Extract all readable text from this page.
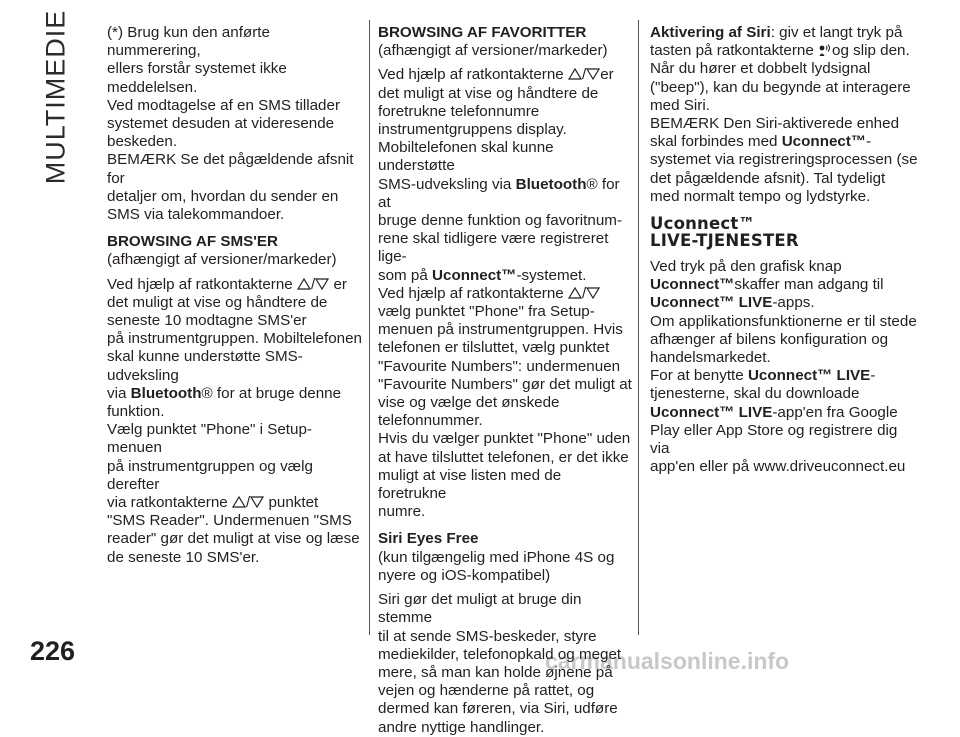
MULTIMEDIE
226	carmanualsonline.info

(*) Brug kun den anførte nummerering,

ellers forstår systemet ikke

meddelelsen.

Ved modtagelse af en SMS tillader

systemet desuden at videresende

beskeden.

BEMÆRK Se det pågældende afsnit for

detaljer om, hvordan du sender en

SMS via talekommandoer.

BROWSING AF SMS'ER

(afhængigt af versioner/markeder)

Ved hjælp af ratkontakterne / er

det muligt at vise og håndtere de

seneste 10 modtagne SMS'er

på instrumentgruppen. Mobiltelefonen

skal kunne understøtte SMS-udveksling

via Bluetooth® for at bruge denne

funktion.

Vælg punktet "Phone" i Setup-menuen

på instrumentgruppen og vælg derefter

via ratkontakterne / punktet

"SMS Reader". Undermenuen "SMS

reader" gør det muligt at vise og læse

de seneste 10 SMS'er.

BROWSING AF FAVORITTER

(afhængigt af versioner/markeder)

Ved hjælp af ratkontakterne / er

det muligt at vise og håndtere de

foretrukne telefonnumre

instrumentgruppens display.

Mobiltelefonen skal kunne understøtte

SMS-udveksling via Bluetooth® for at

bruge denne funktion og favoritnum-

rene skal tidligere være registreret lige-

som på Uconnect™-systemet.

Ved hjælp af ratkontakterne /

vælg punktet "Phone" fra Setup-

menuen på instrumentgruppen. Hvis

telefonen er tilsluttet, vælg punktet

"Favourite Numbers": undermenuen

"Favourite Numbers" gør det muligt at

vise og vælge det ønskede

telefonnummer.

Hvis du vælger punktet "Phone" uden

at have tilsluttet telefonen, er det ikke

muligt at vise listen med de foretrukne

numre.

Siri Eyes Free

(kun tilgængelig med iPhone 4S og

nyere og iOS-kompatibel)

Siri gør det muligt at bruge din stemme

til at sende SMS-beskeder, styre

mediekilder, telefonopkald og meget

mere, så man kan holde øjnene på

vejen og hænderne på rattet, og

dermed kan føreren, via Siri, udføre

andre nyttige handlinger.

Aktivering af Siri: giv et langt tryk på

tasten på ratkontakterne og slip den.

Når du hører et dobbelt lydsignal

("beep"), kan du begynde at interagere

med Siri.

BEMÆRK Den Siri-aktiverede enhed

skal forbindes med Uconnect™-

systemet via registreringsprocessen (se

det pågældende afsnit). Tal tydeligt

med normalt tempo og lydstyrke.

Uconnect™

LIVE-TJENESTER

Ved tryk på den grafisk knap

Uconnect™skaffer man adgang til

Uconnect™ LIVE-apps.

Om applikationsfunktionerne er til stede

afhænger af bilens konfiguration og

handelsmarkedet.

For at benytte Uconnect™ LIVE-

tjenesterne, skal du downloade

Uconnect™ LIVE-app'en fra Google

Play eller App Store og registrere dig via

app'en eller på www.driveuconnect.eu
